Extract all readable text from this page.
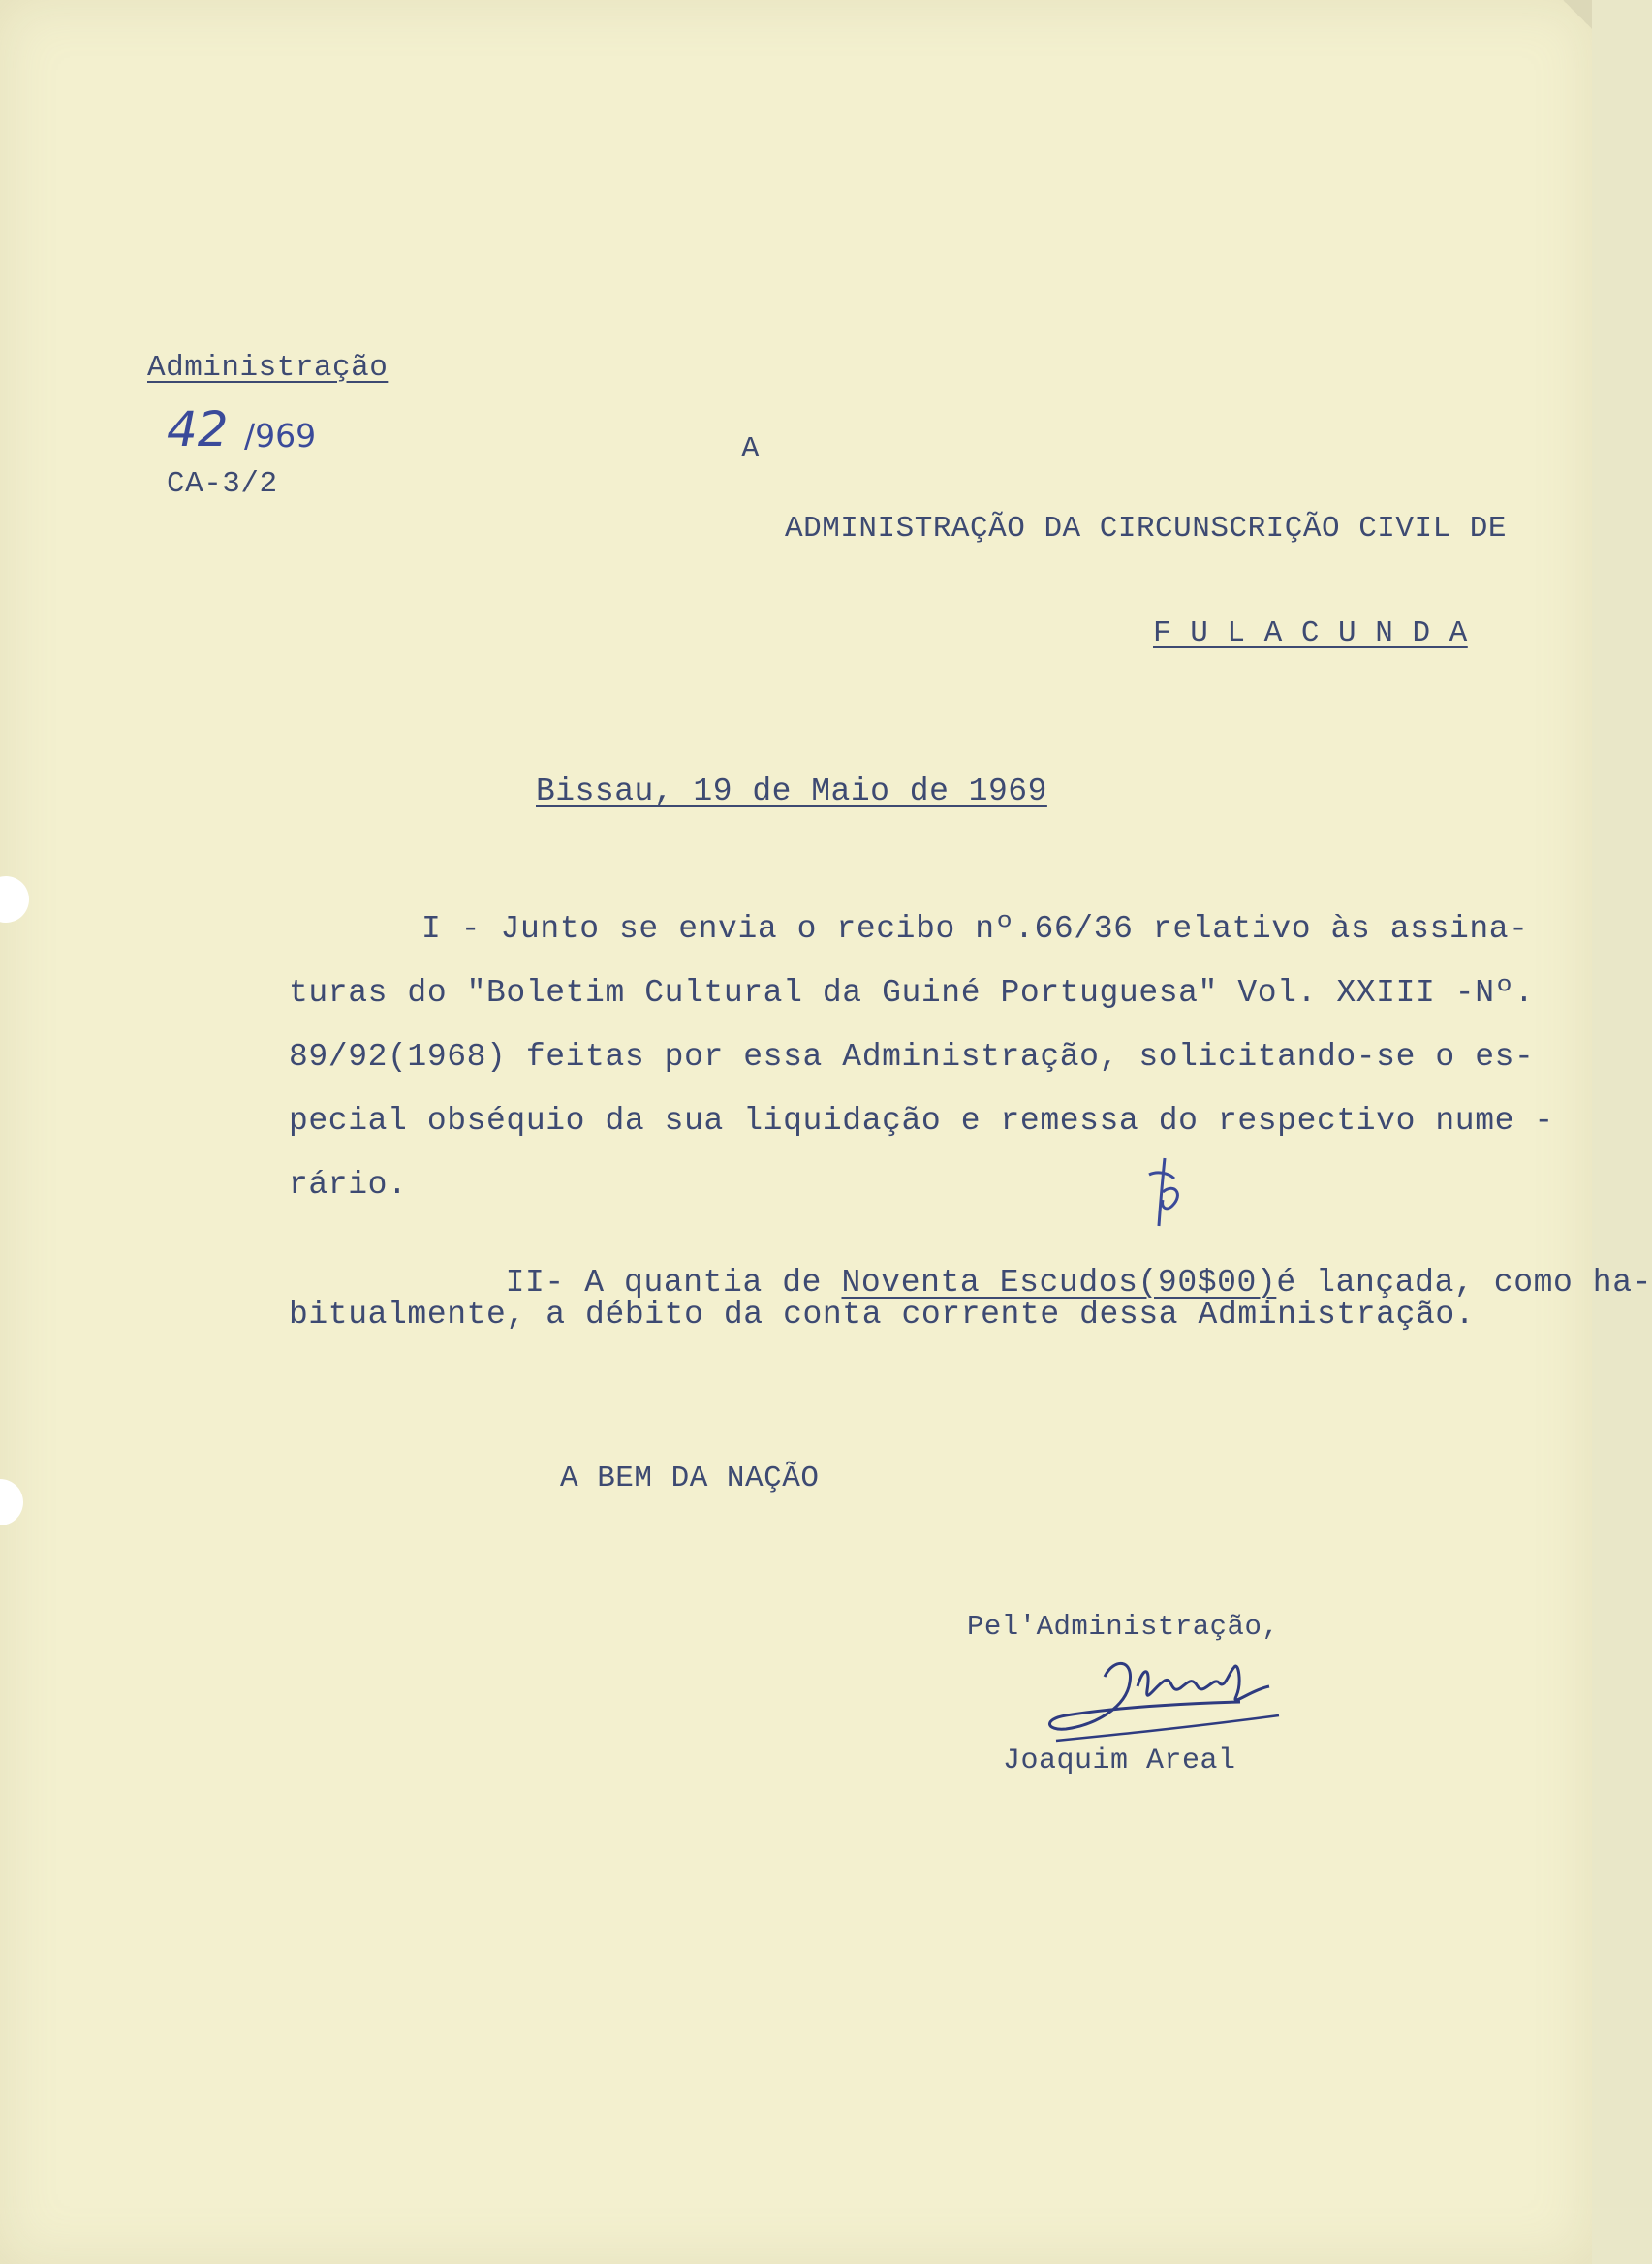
Administração
42 /969
CA-3/2
A
ADMINISTRAÇÃO DA CIRCUNSCRIÇÃO CIVIL DE
F U L A C U N D A
Bissau, 19 de Maio de 1969
I - Junto se envia o recibo nº.66/36 relativo às assina-
turas do "Boletim Cultural da Guiné Portuguesa" Vol. XXIII -Nº.
89/92(1968) feitas por essa Administração, solicitando-se o es-
pecial obséquio da sua liquidação e remessa do respectivo nume -
rário.

II- A quantia de Noventa Escudos(90$00)é lançada, como ha-

bitualmente, a débito da conta corrente dessa Administração.
A BEM DA NAÇÃO
Pel'Administração,
Joaquim Areal
